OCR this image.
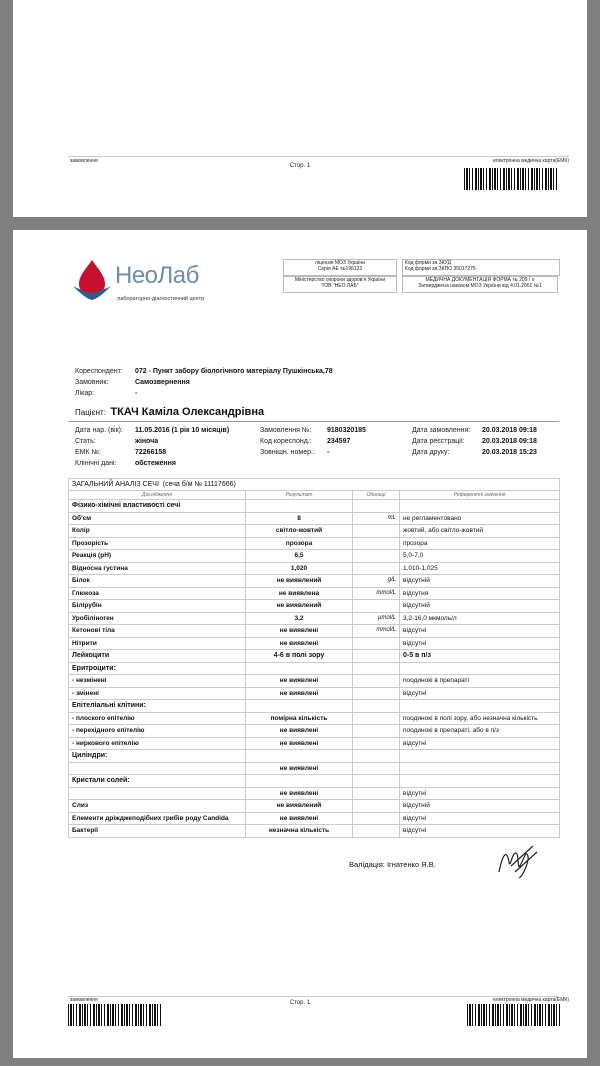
замовлення
Стор. 1
електронна медична карта(ЕМК)
НеоЛаб
лабораторно-діагностичний центр
ліцензія МОЗ України
Серія АЕ №196122
Міністерство охорони здоров'я України
ТОВ "НЕО ЛАБ"
Код форми за ЗКУД
Код форми за ЗКПО 35017275
МЕДИЧНА ДОКУМЕНТАЦІЯ ФОРМА № 209 / о
Затверджена наказом МОЗ України від 4.01.2001 №1
Кореспондент: 072 - Пункт забору біологічного матеріалу Пушкінська,78
Замовник:	Самозвернення
Лікар:	-
Пацієнт: ТКАЧ Каміла Олександрівна
Дата нар. (вік): 11.05.2016 (1 рік 10 місяців)
Стать:	жіноча
ЕМК №:	72266158
Клінічні дані:	обстеження
Замовлення №: 9180320185
Код кореспонд.: 234597
Зовнішн. номер.: -
Дата замовлення: 20.03.2018 09:18
Дата реєстрації: 20.03.2018 09:18
Дата друку:	20.03.2018 15:23
ЗАГАЛЬНИЙ АНАЛІЗ СЕЧІ (сеча б/м № 11117666)			
Дослідження	Результат	Одиниці	Референтні значення
Фізико-хімічні властивості сечі			
Об'єм	8	mL	не регламентовано
Колір	світло-жовтий		жовтий, або світло-жовтий
Прозорість	прозора		прозора
Реакція (pH)	6,5		5,0-7,0
Відносна густина	1,020		1,010-1,025
Білок	не виявлений	g/L	відсутній
Глюкоза	не виявлена	mmol/L	відсутня
Білірубін	не виявлений		відсутній
Уробіліноген	3,2	µmol/L	3,2-16,0 мкмоль/л
Кетонові тіла	не виявлені	mmol/L	відсутні
Нітрити	не виявлені		відсутні
Лейкоцити	4-6 в полі зору		0-5 в п/з
Еритроцити:			
- незмінені	не виявлені		поодинокі в препараті
- змінені	не виявлені		відсутні
Епітеліальні клітини:			
- плоского епітелію	помірна кількість		поодинокі в полі зору, або незначна кількість
- перехідного епітелію	не виявлені		поодинокі в препараті, або в п/з
- ниркового епітелію	не виявлені		відсутні
Циліндри:			
	не виявлені		
Кристали солей:			
	не виявлені		відсутні
Слиз	не виявлений		відсутній
Елементи дріжджеподібних грибів роду Candida	не виявлені		відсутні
Бактерії	незначна кількість		відсутні
Валідація: Ігнатенко Я.В.
замовлення	Стор. 1	електронна медична карта(ЕМК)
